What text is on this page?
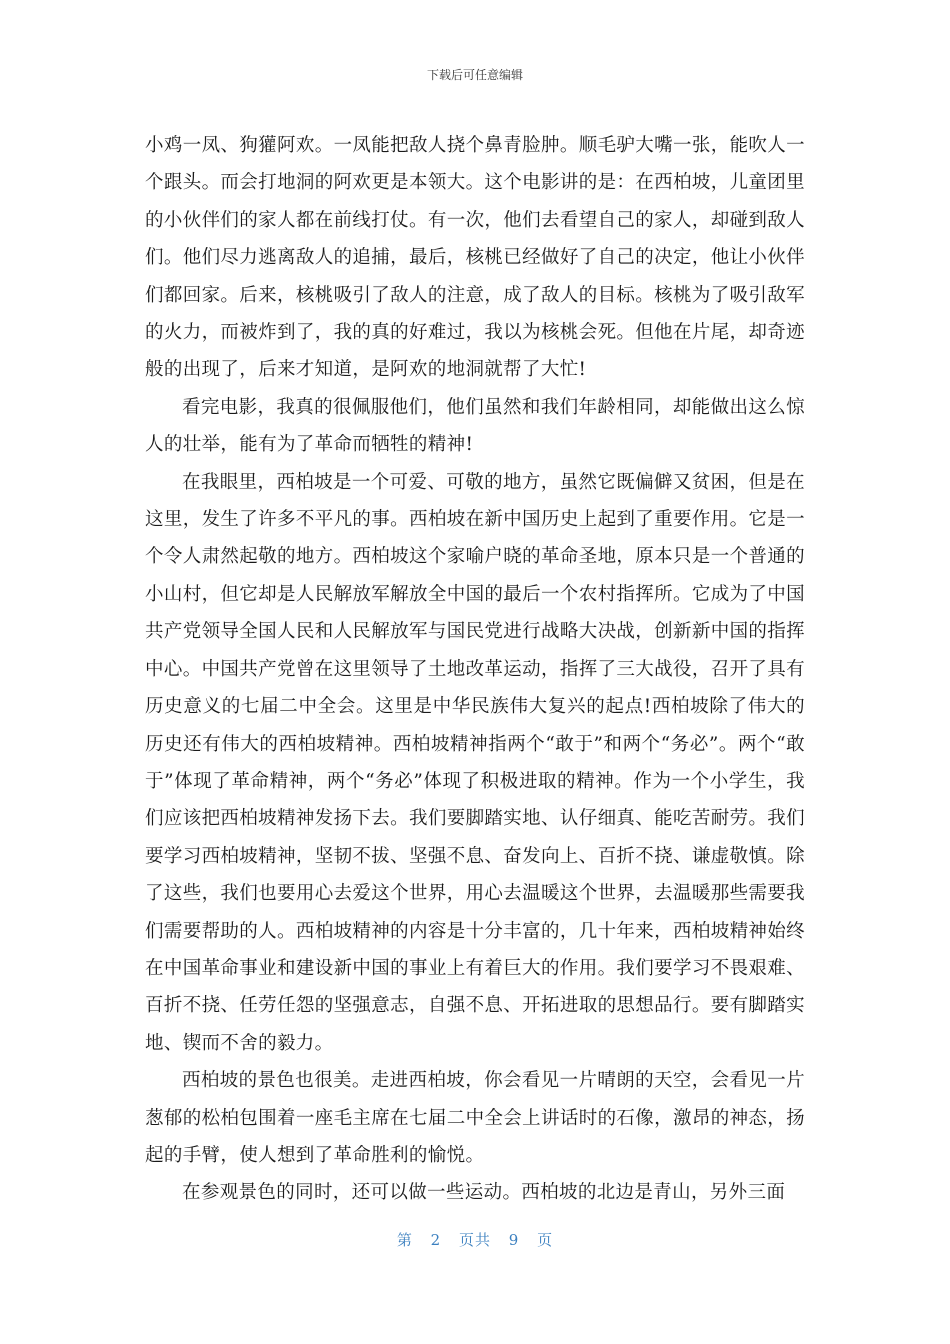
下载后可任意编辑

小鸡一凤、狗獾阿欢。一凤能把敌人挠个鼻青脸肿。顺毛驴大嘴一张，能吹人一个跟头。而会打地洞的阿欢更是本领大。这个电影讲的是：在西柏坡，儿童团里的小伙伴们的家人都在前线打仗。有一次，他们去看望自己的家人，却碰到敌人们。他们尽力逃离敌人的追捕，最后，核桃已经做好了自己的决定，他让小伙伴们都回家。后来，核桃吸引了敌人的注意，成了敌人的目标。核桃为了吸引敌军的火力，而被炸到了，我的真的好难过，我以为核桃会死。但他在片尾，却奇迹般的出现了，后来才知道，是阿欢的地洞就帮了大忙!

看完电影，我真的很佩服他们，他们虽然和我们年龄相同，却能做出这么惊人的壮举，能有为了革命而牺牲的精神!

在我眼里，西柏坡是一个可爱、可敬的地方，虽然它既偏僻又贫困，但是在这里，发生了许多不平凡的事。西柏坡在新中国历史上起到了重要作用。它是一个令人肃然起敬的地方。西柏坡这个家喻户晓的革命圣地，原本只是一个普通的小山村，但它却是人民解放军解放全中国的最后一个农村指挥所。它成为了中国共产党领导全国人民和人民解放军与国民党进行战略大决战，创新新中国的指挥中心。中国共产党曾在这里领导了土地改革运动，指挥了三大战役，召开了具有历史意义的七届二中全会。这里是中华民族伟大复兴的起点!西柏坡除了伟大的历史还有伟大的西柏坡精神。西柏坡精神指两个“敢于”和两个“务必”。两个“敢于”体现了革命精神，两个“务必”体现了积极进取的精神。作为一个小学生，我们应该把西柏坡精神发扬下去。我们要脚踏实地、认仔细真、能吃苦耐劳。我们要学习西柏坡精神，坚韧不拔、坚强不息、奋发向上、百折不挠、谦虚敬慎。除了这些，我们也要用心去爱这个世界，用心去温暖这个世界，去温暖那些需要我们需要帮助的人。西柏坡精神的内容是十分丰富的，几十年来，西柏坡精神始终在中国革命事业和建设新中国的事业上有着巨大的作用。我们要学习不畏艰难、百折不挠、任劳任怨的坚强意志，自强不息、开拓进取的思想品行。要有脚踏实地、锲而不舍的毅力。

西柏坡的景色也很美。走进西柏坡，你会看见一片晴朗的天空，会看见一片葱郁的松柏包围着一座毛主席在七届二中全会上讲话时的石像，激昂的神态，扬起的手臂，使人想到了革命胜利的愉悦。

在参观景色的同时，还可以做一些运动。西柏坡的北边是青山，另外三面

第 2 页共 9 页
